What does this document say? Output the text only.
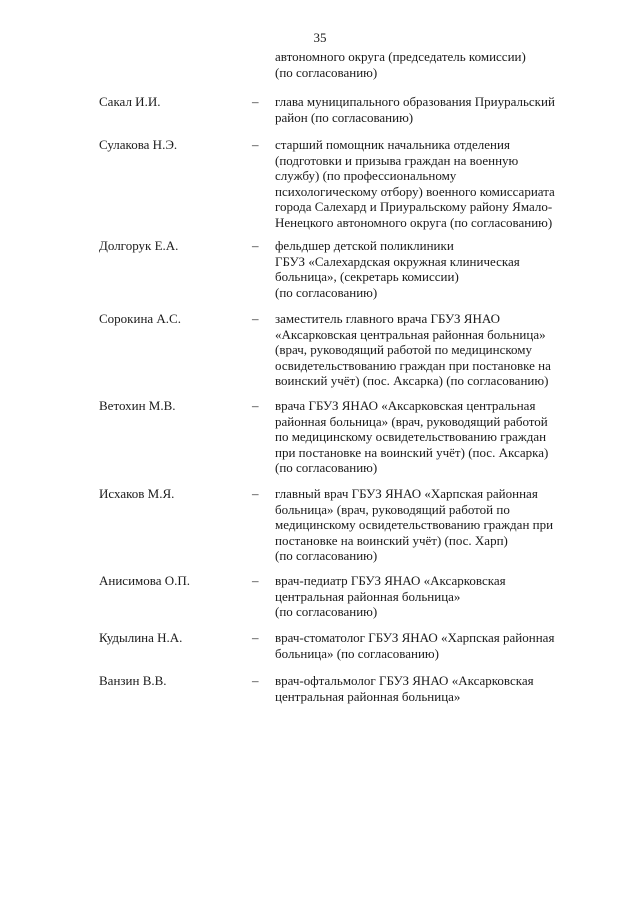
35
автономного округа (председатель комиссии)
(по согласованию)
Сакал И.И.	– глава муниципального образования Приуральский
район (по согласованию)
Сулакова Н.Э.	– старший помощник начальника отделения
(подготовки и призыва граждан на военную
службу) (по профессиональному
психологическому отбору) военного комиссариата
города Салехард и Приуральскому району Ямало-
Ненецкого автономного округа (по согласованию)
Долгорук Е.А.	– фельдшер детской поликлиники
ГБУЗ «Салехардская окружная клиническая
больница», (секретарь комиссии)
(по согласованию)
Сорокина А.С.	– заместитель главного врача ГБУЗ ЯНАО
«Аксарковская центральная районная больница»
(врач, руководящий работой по медицинскому
освидетельствованию граждан при постановке на
воинский учёт) (пос. Аксарка) (по согласованию)
Ветохин М.В.	– врача ГБУЗ ЯНАО «Аксарковская центральная
районная больница» (врач, руководящий работой
по медицинскому освидетельствованию граждан
при постановке на воинский учёт) (пос. Аксарка)
(по согласованию)
Исхаков М.Я.	– главный врач ГБУЗ ЯНАО «Харпская районная
больница» (врач, руководящий работой по
медицинскому освидетельствованию граждан при
постановке на воинский учёт) (пос. Харп)
(по согласованию)
Анисимова О.П.	– врач-педиатр ГБУЗ ЯНАО «Аксарковская
центральная районная больница»
(по согласованию)
Кудылина Н.А.	– врач-стоматолог ГБУЗ ЯНАО «Харпская районная
больница» (по согласованию)
Ванзин В.В.	– врач-офтальмолог ГБУЗ ЯНАО «Аксарковская
центральная районная больница»
